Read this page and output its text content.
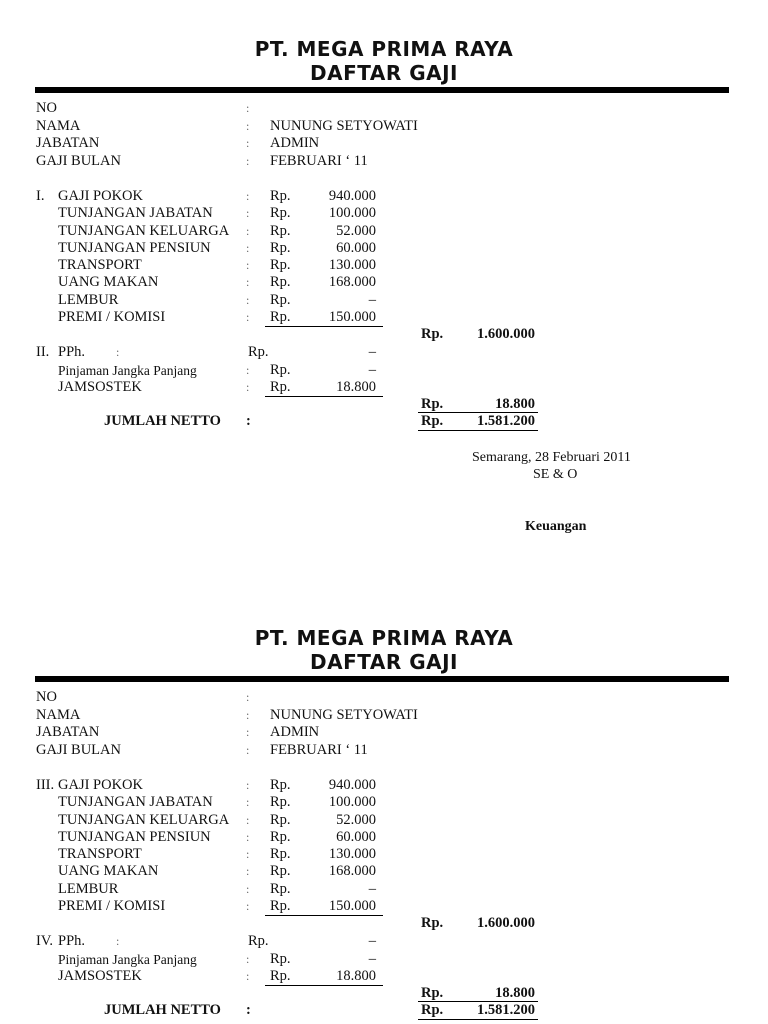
PT. MEGA PRIMA RAYA
DAFTAR GAJI
NO	:
NAMA	: NUNUNG SETYOWATI
JABATAN	: ADMIN
GAJI BULAN	: FEBRUARI ‘ 11
I. GAJI POKOK	: Rp.	940.000
TUNJANGAN JABATAN	: Rp.	100.000
TUNJANGAN KELUARGA : Rp.	52.000
TUNJANGAN PENSIUN	: Rp.	60.000
TRANSPORT	: Rp.	130.000
UANG MAKAN	: Rp.	168.000
LEMBUR	: Rp.	–
PREMI / KOMISI	: Rp.	150.000
Rp.	1.600.000
II. PPh.	:	Rp.	–
Pinjaman Jangka Panjang	: Rp.	–
JAMSOSTEK	: Rp.	18.800
Rp.	18.800
JUMLAH NETTO :	Rp.	1.581.200
Semarang, 28 Februari 2011
SE & O
Keuangan
PT. MEGA PRIMA RAYA
DAFTAR GAJI
NO	:
NAMA	: NUNUNG SETYOWATI
JABATAN	: ADMIN
GAJI BULAN	: FEBRUARI ‘ 11
III. GAJI POKOK	: Rp.	940.000
TUNJANGAN JABATAN	: Rp.	100.000
TUNJANGAN KELUARGA : Rp.	52.000
TUNJANGAN PENSIUN	: Rp.	60.000
TRANSPORT	: Rp.	130.000
UANG MAKAN	: Rp.	168.000
LEMBUR	: Rp.	–
PREMI / KOMISI	: Rp.	150.000
Rp.	1.600.000
IV. PPh.	:	Rp.	–
Pinjaman Jangka Panjang	: Rp.	–
JAMSOSTEK	: Rp.	18.800
Rp.	18.800
JUMLAH NETTO :	Rp.	1.581.200
